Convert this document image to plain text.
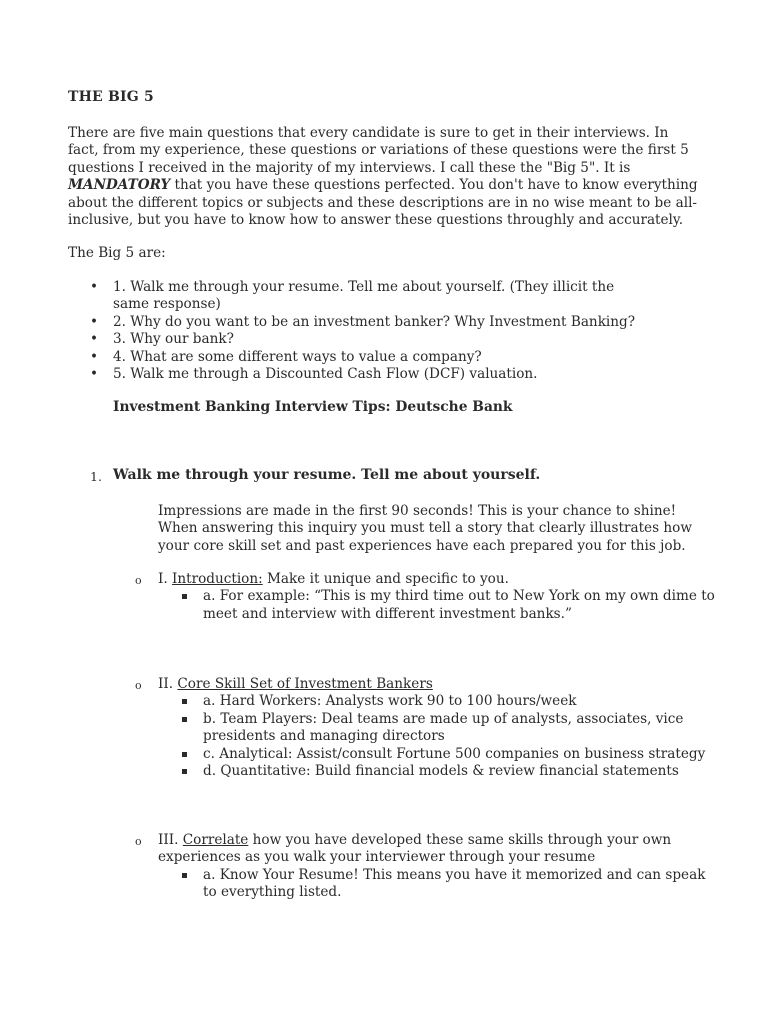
THE BIG 5

There are five main questions that every candidate is sure to get in their interviews. In fact, from my experience, these questions or variations of these questions were the first 5 questions I received in the majority of my interviews. I call these the "Big 5". It is MANDATORY that you have these questions perfected. You don't have to know everything about the different topics or subjects and these descriptions are in no wise meant to be all-inclusive, but you have to know how to answer these questions throughly and accurately.

The Big 5 are:
• 1. Walk me through your resume. Tell me about yourself. (They illicit the same response)
• 2. Why do you want to be an investment banker? Why Investment Banking?
• 3. Why our bank?
• 4. What are some different ways to value a company?
• 5. Walk me through a Discounted Cash Flow (DCF) valuation.
Investment Banking Interview Tips: Deutsche Bank
1. Walk me through your resume. Tell me about yourself.

Impressions are made in the first 90 seconds! This is your chance to shine! When answering this inquiry you must tell a story that clearly illustrates how your core skill set and past experiences have each prepared you for this job.

o I. Introduction: Make it unique and specific to you.
a. For example: “This is my third time out to New York on my own dime to meet and interview with different investment banks.”
o II. Core Skill Set of Investment Bankers
a. Hard Workers: Analysts work 90 to 100 hours/week
b. Team Players: Deal teams are made up of analysts, associates, vice presidents and managing directors
c. Analytical: Assist/consult Fortune 500 companies on business strategy
d. Quantitative: Build financial models & review financial statements
o III. Correlate how you have developed these same skills through your own experiences as you walk your interviewer through your resume
a. Know Your Resume! This means you have it memorized and can speak to everything listed.
